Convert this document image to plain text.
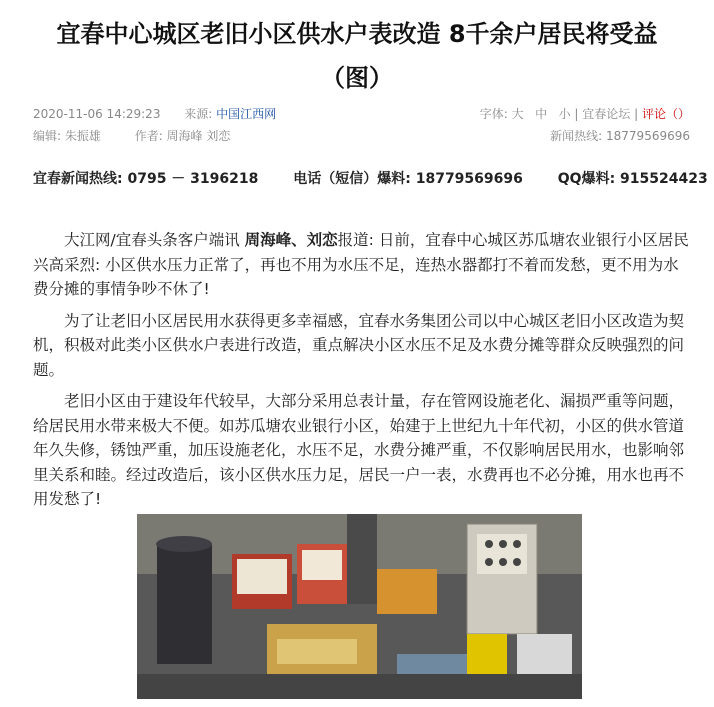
宜春中心城区老旧小区供水户表改造 8千余户居民将受益
（图）
2020-11-06 14:29:23 来源: 中国江西网	字体: 大 中 小 | 宜春论坛 | 评论（）
编辑: 朱振雄	作者: 周海峰 刘恋	新闻热线: 18779569696
宜春新闻热线: 0795 － 3196218 电话（短信）爆料: 18779569696 QQ爆料: 915524423

大江网/宜春头条客户端讯 周海峰、刘恋报道: 日前，宜春中心城区苏瓜塘农业银行小区居民兴高采烈: 小区供水压力正常了，再也不用为水压不足，连热水器都打不着而发愁，更不用为水费分摊的事情争吵不休了!

为了让老旧小区居民用水获得更多幸福感，宜春水务集团公司以中心城区老旧小区改造为契机，积极对此类小区供水户表进行改造，重点解决小区水压不足及水费分摊等群众反映强烈的问题。

老旧小区由于建设年代较早，大部分采用总表计量，存在管网设施老化、漏损严重等问题，给居民用水带来极大不便。如苏瓜塘农业银行小区，始建于上世纪九十年代初，小区的供水管道年久失修，锈蚀严重，加压设施老化，水压不足，水费分摊严重，不仅影响居民用水，也影响邻里关系和睦。经过改造后，该小区供水压力足，居民一户一表，水费再也不必分摊，用水也再不用发愁了!
